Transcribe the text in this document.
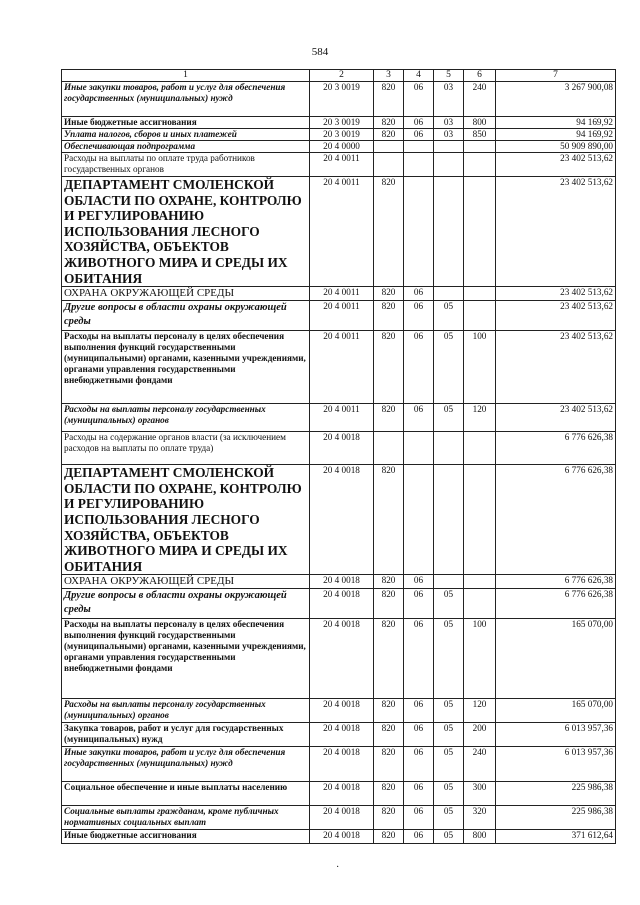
584
1	2	3	4	5	6	7
Иные закупки товаров, работ и услуг для обеспечения государственных (муниципальных) нужд	20 3 0019	820	06	03	240	3 267 900,08
Иные бюджетные ассигнования	20 3 0019	820	06	03	800	94 169,92
Уплата налогов, сборов и иных платежей	20 3 0019	820	06	03	850	94 169,92
Обеспечивающая подпрограмма	20 4 0000					50 909 890,00
Расходы на выплаты по оплате труда работников государственных органов	20 4 0011					23 402 513,62
ДЕПАРТАМЕНТ СМОЛЕНСКОЙ ОБЛАСТИ ПО ОХРАНЕ, КОНТРОЛЮ И РЕГУЛИРОВАНИЮ ИСПОЛЬЗОВАНИЯ ЛЕСНОГО ХОЗЯЙСТВА, ОБЪЕКТОВ ЖИВОТНОГО МИРА И СРЕДЫ ИХ ОБИТАНИЯ	20 4 0011	820				23 402 513,62
ОХРАНА ОКРУЖАЮЩЕЙ СРЕДЫ	20 4 0011	820	06			23 402 513,62
Другие вопросы в области охраны окружающей среды	20 4 0011	820	06	05		23 402 513,62
Расходы на выплаты персоналу в целях обеспечения выполнения функций государственными (муниципальными) органами, казенными учреждениями, органами управления государственными внебюджетными фондами	20 4 0011	820	06	05	100	23 402 513,62
Расходы на выплаты персоналу государственных (муниципальных) органов	20 4 0011	820	06	05	120	23 402 513,62
Расходы на содержание органов власти (за исключением расходов на выплаты по оплате труда)	20 4 0018					6 776 626,38
ДЕПАРТАМЕНТ СМОЛЕНСКОЙ ОБЛАСТИ ПО ОХРАНЕ, КОНТРОЛЮ И РЕГУЛИРОВАНИЮ ИСПОЛЬЗОВАНИЯ ЛЕСНОГО ХОЗЯЙСТВА, ОБЪЕКТОВ ЖИВОТНОГО МИРА И СРЕДЫ ИХ ОБИТАНИЯ	20 4 0018	820				6 776 626,38
ОХРАНА ОКРУЖАЮЩЕЙ СРЕДЫ	20 4 0018	820	06			6 776 626,38
Другие вопросы в области охраны окружающей среды	20 4 0018	820	06	05		6 776 626,38
Расходы на выплаты персоналу в целях обеспечения выполнения функций государственными (муниципальными) органами, казенными учреждениями, органами управления государственными внебюджетными фондами	20 4 0018	820	06	05	100	165 070,00
Расходы на выплаты персоналу государственных (муниципальных) органов	20 4 0018	820	06	05	120	165 070,00
Закупка товаров, работ и услуг для государственных (муниципальных) нужд	20 4 0018	820	06	05	200	6 013 957,36
Иные закупки товаров, работ и услуг для обеспечения государственных (муниципальных) нужд	20 4 0018	820	06	05	240	6 013 957,36
Социальное обеспечение и иные выплаты населению	20 4 0018	820	06	05	300	225 986,38
Социальные выплаты гражданам, кроме публичных нормативных социальных выплат	20 4 0018	820	06	05	320	225 986,38
Иные бюджетные ассигнования	20 4 0018	820	06	05	800	371 612,64
·
